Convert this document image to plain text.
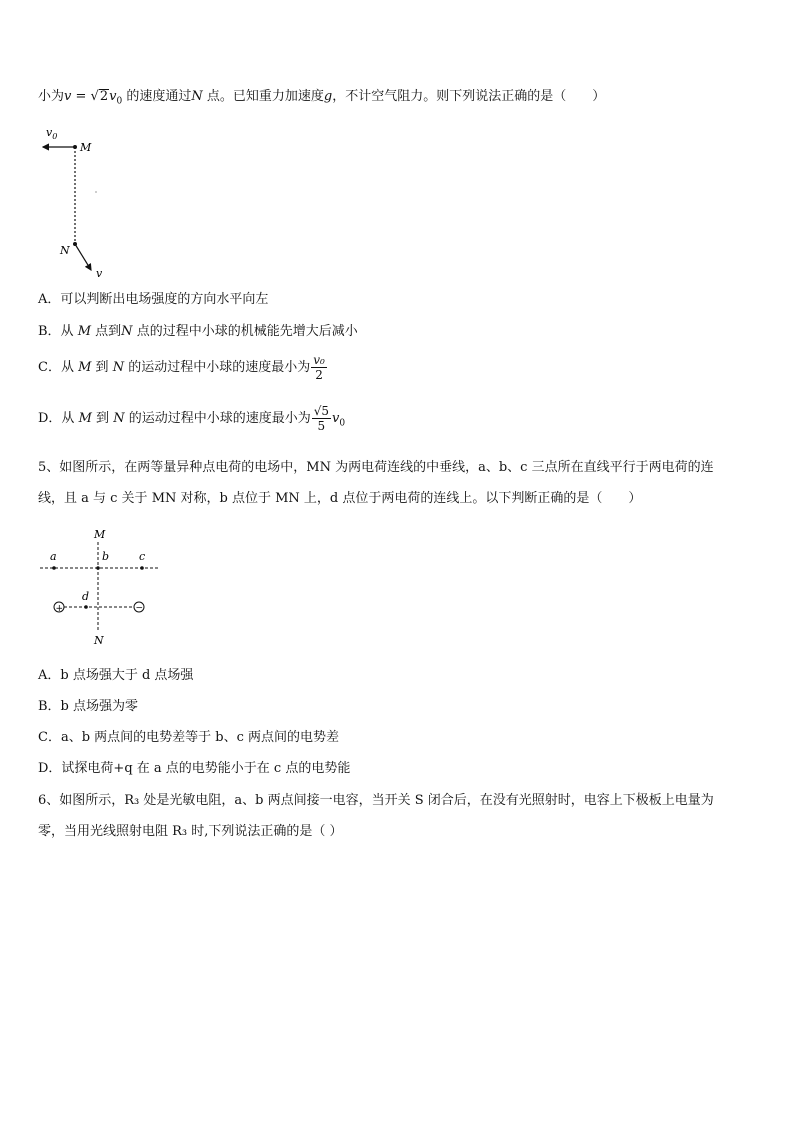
小为$v = √2v_0$ 的速度通过N 点。已知重力加速度g，不计空气阻力。则下列说法正确的是（　　）
$v_0$
M
N
v
A．可以判断出电场强度的方向水平向左
B．从 M 点到N 点的过程中小球的机械能先增大后减小
C．从 M 到 N 的运动过程中小球的速度最小为 $\frac{\text{v₀}}{2}$
D．从 M 到 N 的运动过程中小球的速度最小为 $\frac{√5}{5} v_0$
5、如图所示，在两等量异种点电荷的电场中，MN 为两电荷连线的中垂线，a、b、c 三点所在直线平行于两电荷的连
线，且 a 与 c 关于 MN 对称，b 点位于 MN 上，d 点位于两电荷的连线上。以下判断正确的是（　　）
M
N
a	b	c
d
+	−
A．b 点场强大于 d 点场强
B．b 点场强为零
C．a、b 两点间的电势差等于 b、c 两点间的电势差
D．试探电荷+q 在 a 点的电势能小于在 c 点的电势能
6、如图所示，R₃ 处是光敏电阻，a、b 两点间接一电容，当开关 S 闭合后，在没有光照射时，电容上下极板上电量为
零，当用光线照射电阻 R₃ 时,下列说法正确的是（ ）
